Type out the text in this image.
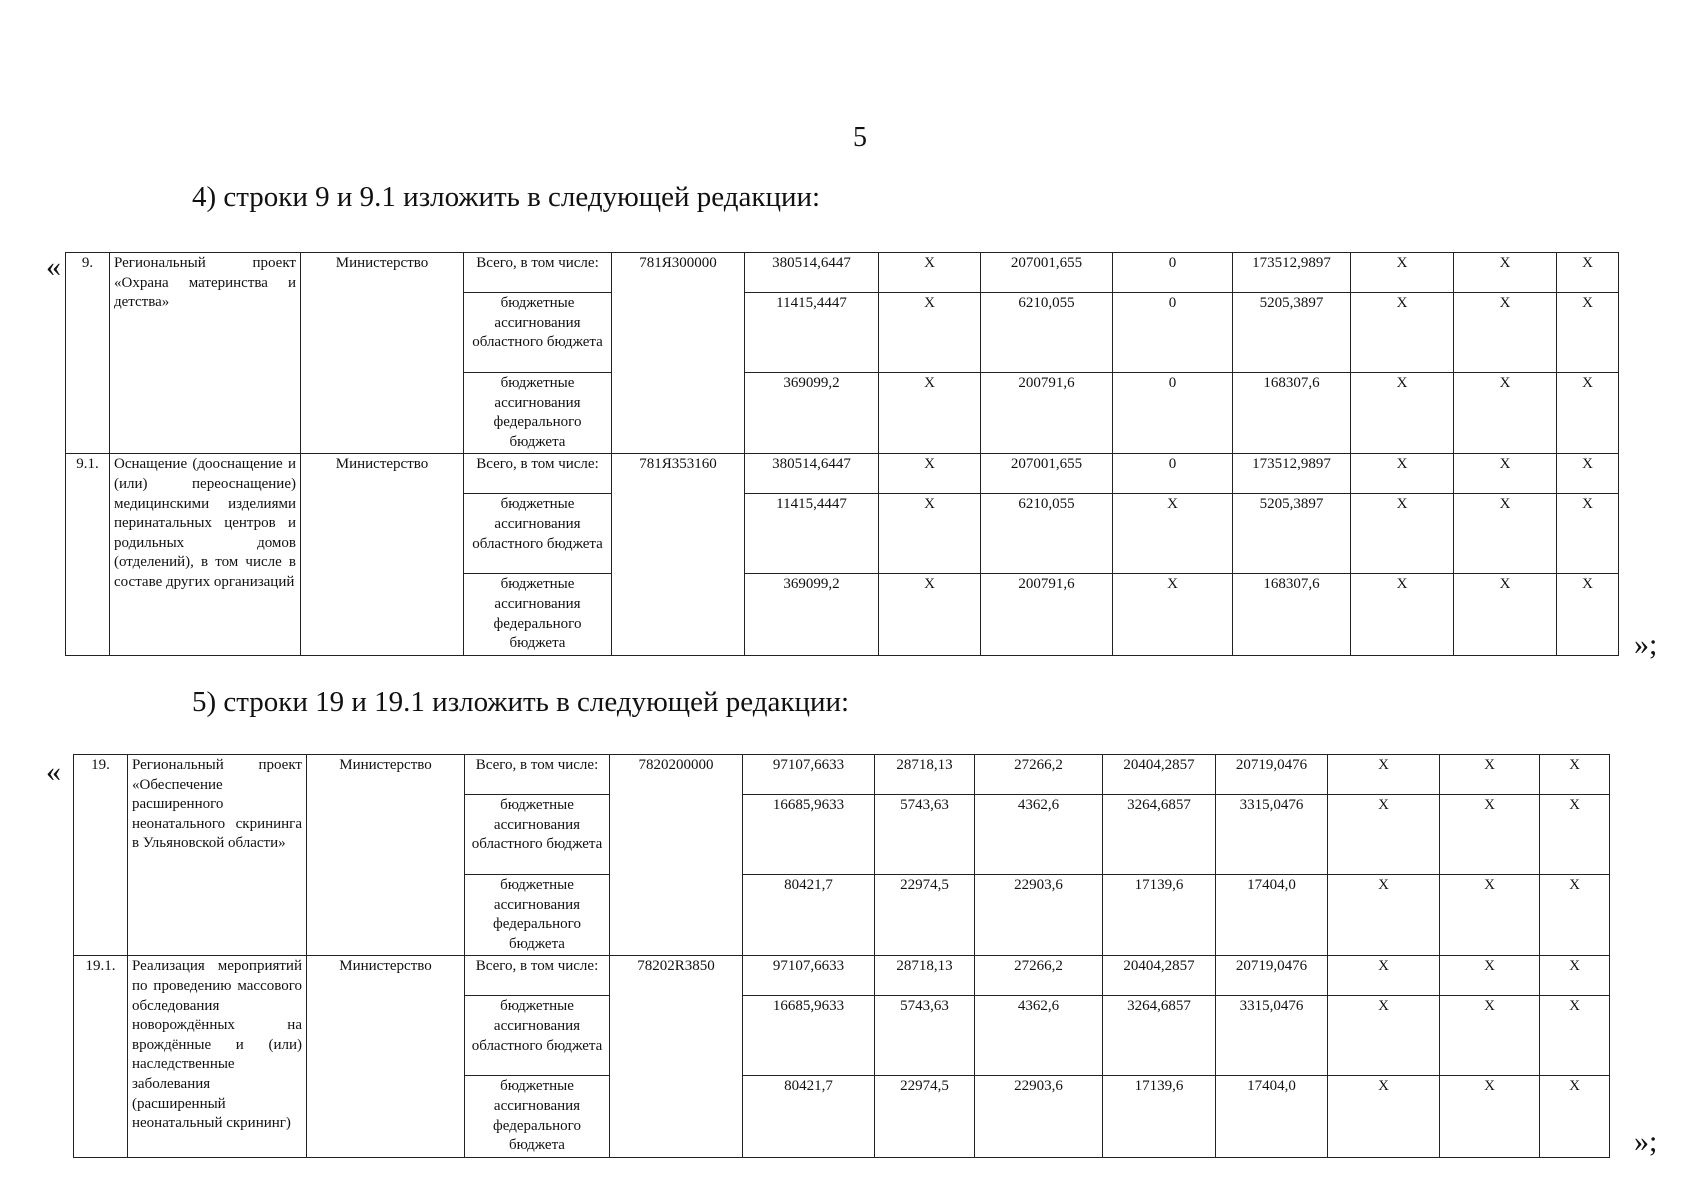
5
4) строки 9 и 9.1 изложить в следующей редакции:
« 9.	Региональный проект «Охрана материнства и детства»	Министерство	Всего, в том числе:	781Я300000	380514,6447	X	207001,655	0	173512,9897	X	X	X
			бюджетные ассигнования областного бюджета		11415,4447	X	6210,055	0	5205,3897	X	X	X
			бюджетные ассигнования федерального бюджета		369099,2	X	200791,6	0	168307,6	X	X	X
9.1.	Оснащение (дооснащение и (или) переоснащение) медицинскими изделиями перинатальных центров и родильных домов (отделений), в том числе в составе других организаций	Министерство	Всего, в том числе:	781Я353160	380514,6447	X	207001,655	0	173512,9897	X	X	X
			бюджетные ассигнования областного бюджета		11415,4447	X	6210,055	X	5205,3897	X	X	X
			бюджетные ассигнования федерального бюджета		369099,2	X	200791,6	X	168307,6	X	X	X
»;
5) строки 19 и 19.1 изложить в следующей редакции:
« 19.	Региональный проект «Обеспечение расширенного неонатального скрининга в Ульяновской области»	Министерство	Всего, в том числе:	7820200000	97107,6633	28718,13	27266,2	20404,2857	20719,0476	X	X	X
			бюджетные ассигнования областного бюджета		16685,9633	5743,63	4362,6	3264,6857	3315,0476	X	X	X
			бюджетные ассигнования федерального бюджета		80421,7	22974,5	22903,6	17139,6	17404,0	X	X	X
19.1.	Реализация мероприятий по проведению массового обследования новорождённых на врождённые и (или) наследственные заболевания (расширенный неонатальный скрининг)	Министерство	Всего, в том числе:	78202R3850	97107,6633	28718,13	27266,2	20404,2857	20719,0476	X	X	X
			бюджетные ассигнования областного бюджета		16685,9633	5743,63	4362,6	3264,6857	3315,0476	X	X	X
			бюджетные ассигнования федерального бюджета		80421,7	22974,5	22903,6	17139,6	17404,0	X	X	X
»;
